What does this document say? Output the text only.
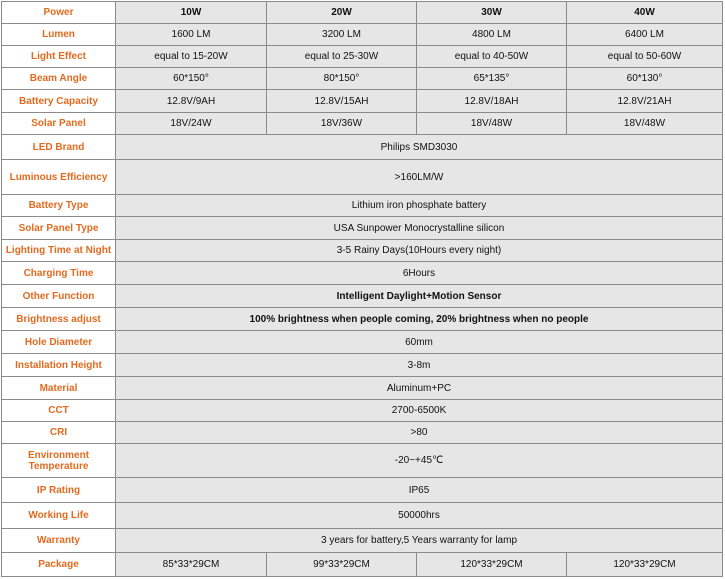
Power	10W	20W	30W	40W
Lumen	1600 LM	3200 LM	4800 LM	6400 LM
Light Effect	equal to 15-20W	equal to 25-30W	equal to 40-50W	equal to 50-60W
Beam Angle	60*150°	80*150°	65*135°	60*130°
Battery Capacity	12.8V/9AH	12.8V/15AH	12.8V/18AH	12.8V/21AH
Solar Panel	18V/24W	18V/36W	18V/48W	18V/48W
LED Brand	Philips SMD3030			
Luminous Efficiency	>160LM/W			
Battery Type	Lithium iron phosphate battery			
Solar Panel Type	USA Sunpower Monocrystalline silicon			
Lighting Time at Night	3-5 Rainy Days(10Hours every night)			
Charging Time	6Hours			
Other Function	Intelligent Daylight+Motion Sensor			
Brightness adjust	100% brightness when people coming, 20% brightness when no people			
Hole Diameter	60mm			
Installation Height	3-8m			
Material	Aluminum+PC			
CCT	2700-6500K			
CRI	>80			
Environment Temperature	-20~+45℃			
IP Rating	IP65			
Working Life	50000hrs			
Warranty	3 years for battery,5 Years warranty for lamp			
Package	85*33*29CM	99*33*29CM	120*33*29CM	120*33*29CM
